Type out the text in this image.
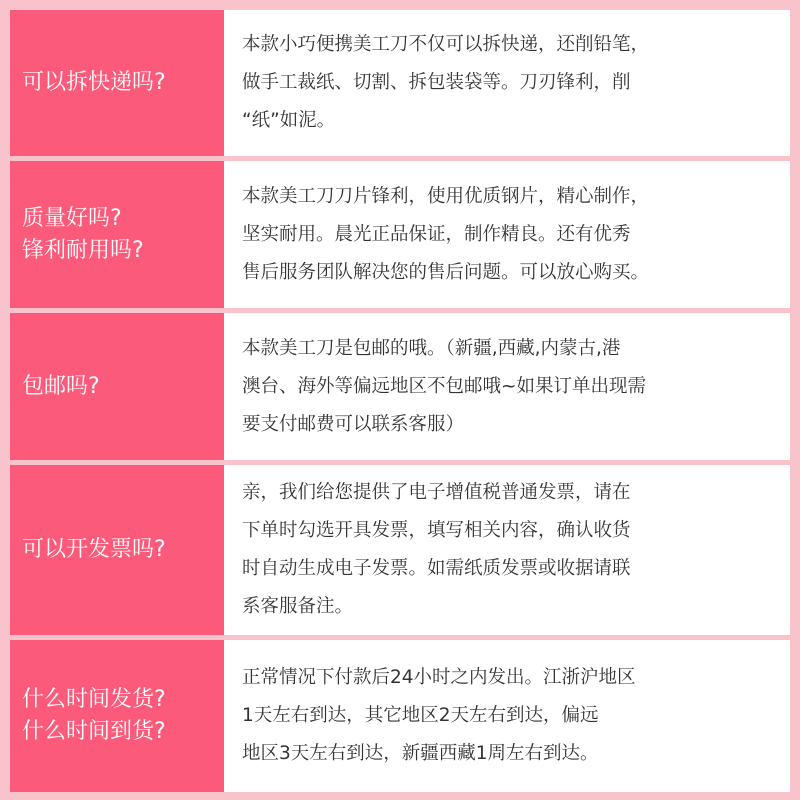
可以拆快递吗?
本款小巧便携美工刀不仅可以拆快递，还削铅笔，
做手工裁纸、切割、拆包装袋等。刀刃锋利，削
“纸”如泥。
质量好吗?
锋利耐用吗?
本款美工刀刀片锋利，使用优质钢片，精心制作，
坚实耐用。晨光正品保证，制作精良。还有优秀
售后服务团队解决您的售后问题。可以放心购买。
包邮吗?
本款美工刀是包邮的哦。（新疆,西藏,内蒙古,港
澳台、海外等偏远地区不包邮哦~如果订单出现需
要支付邮费可以联系客服）
可以开发票吗?
亲，我们给您提供了电子增值税普通发票，请在
下单时勾选开具发票，填写相关内容，确认收货
时自动生成电子发票。如需纸质发票或收据请联
系客服备注。
什么时间发货?
什么时间到货?
正常情况下付款后24小时之内发出。江浙沪地区
1天左右到达，其它地区2天左右到达，偏远
地区3天左右到达，新疆西藏1周左右到达。
